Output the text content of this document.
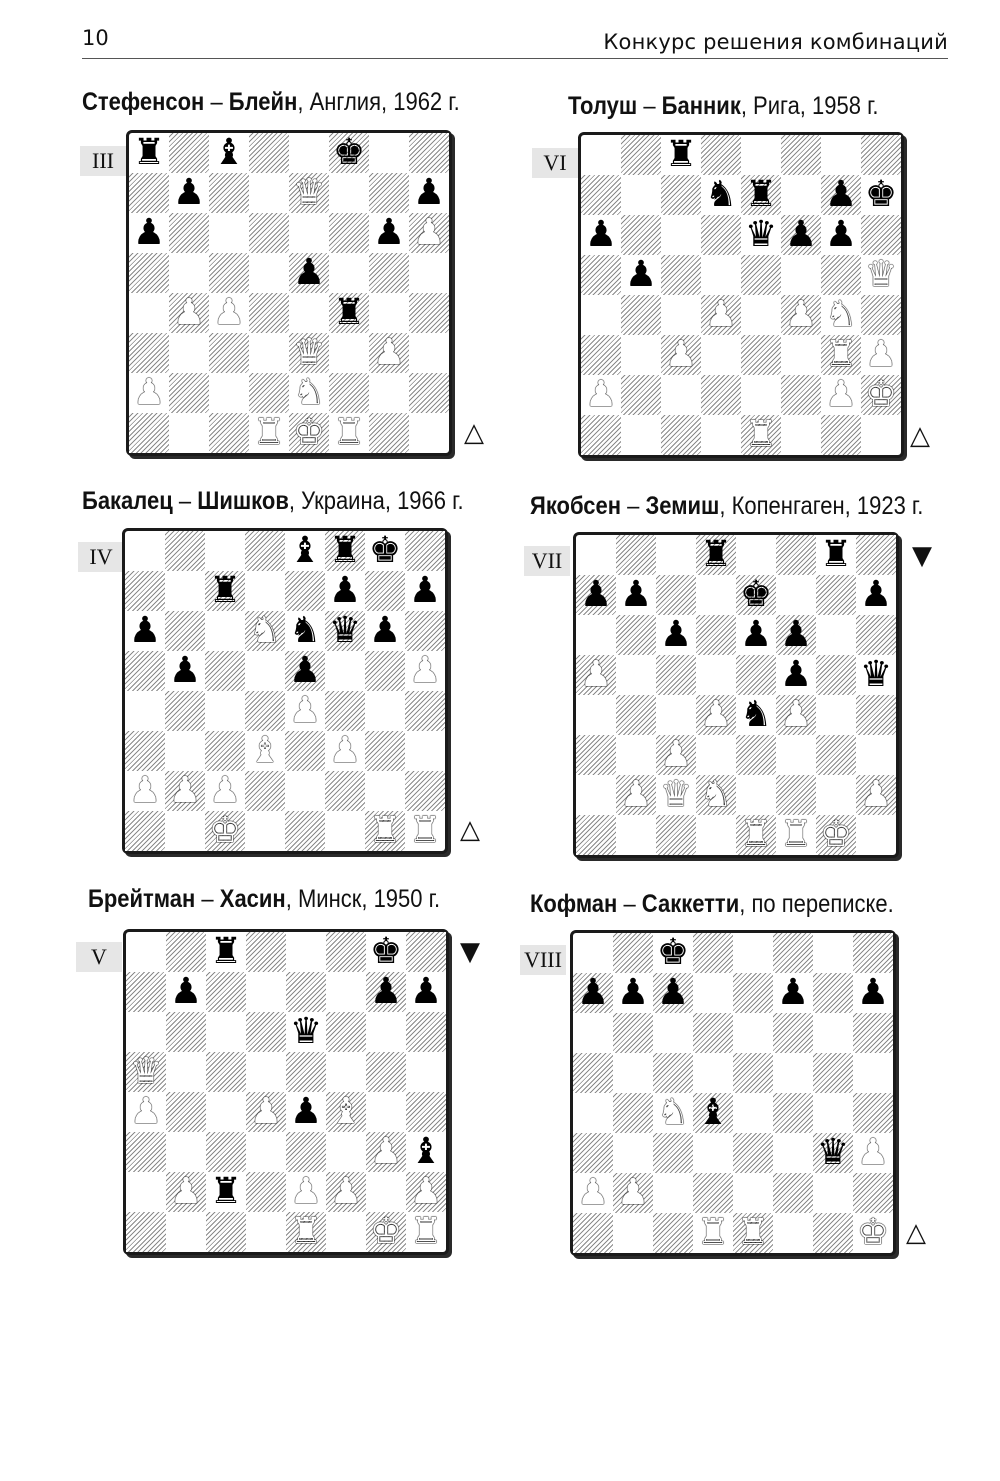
10	Конкурс решения комбинаций
Стефенсон – Блейн, Англия, 1962 г.
III ♜ ♝ ♚
♟ ♛ ♟
♟	♟ ♟
♟
♟ ♟ ♜
♛ ♟
♟	♞
♜ ♚ ♜	△
Толуш – Банник, Рига, 1958 г.
VI	♜
♞ ♜ ♟ ♚
♟	♛ ♟ ♟
♟	♛
♟ ♟ ♞
♟	♜ ♟
♟	♟ ♚
♜	△
Бакалец – Шишков, Украина, 1966 г.
IV	♝ ♜ ♚
♜ ♟ ♟
♟ ♞ ♞ ♛ ♟
♟ ♟ ♟
♟
♝ ♟
♟ ♟ ♟
♚	♜ ♜ △
Якобсен – Земиш, Копенгаген, 1923 г.
VII	♜ ♜
♟ ♟ ♚ ♟
♟ ♟ ♟
♟	♟ ♛
♟ ♞ ♟
♟
♟ ♛ ♞	♟
♜ ♜ ♚
▼
Брейтман – Хасин, Минск, 1950 г.
V	♜	♚
♟	♟ ♟
♛
♛
♟ ♟ ♟ ♝
♟ ♝
♟ ♜ ♟ ♟ ♟
♜ ♚ ♜
▼
Кофман – Саккетти, по переписке.
VIII	♚
♟ ♟ ♟ ♟ ♟
♞ ♝
♛ ♟
♟ ♟
♜ ♜ ♚ △
